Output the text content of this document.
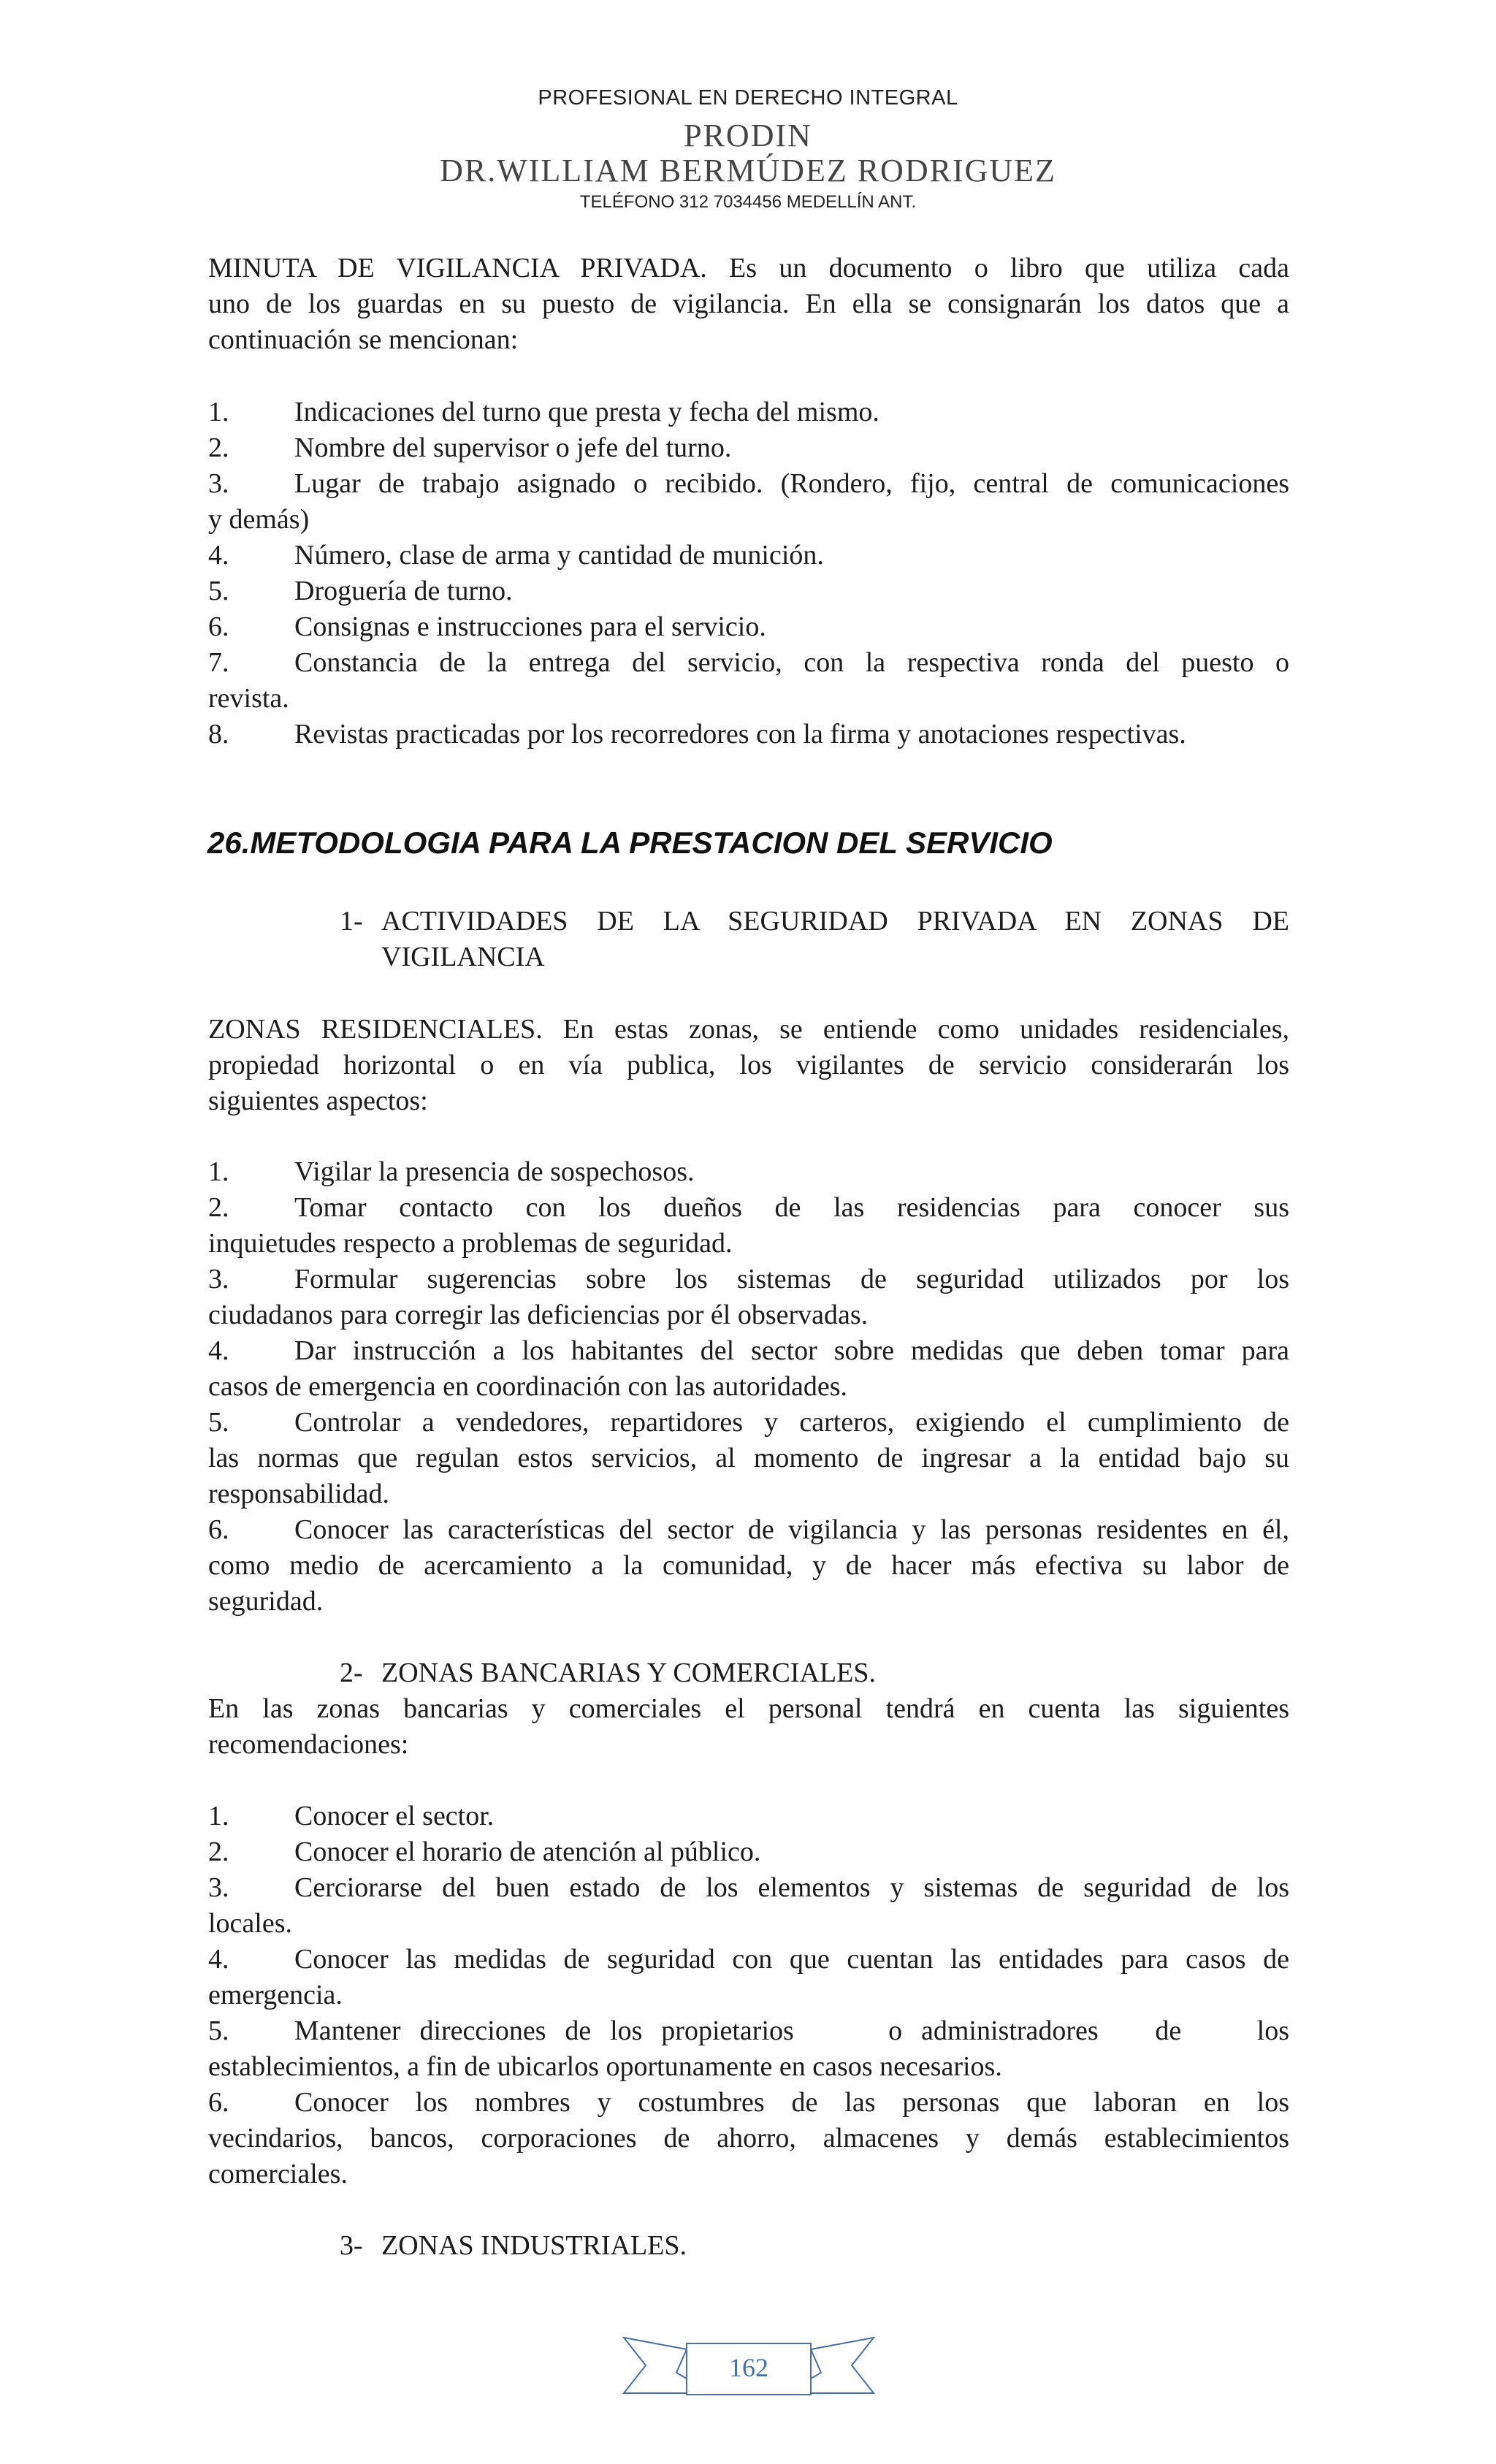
PROFESIONAL EN DERECHO INTEGRAL
PRODIN
DR.WILLIAM BERMÚDEZ RODRIGUEZ
TELÉFONO 312 7034456 MEDELLÍN ANT.
MINUTA DE VIGILANCIA PRIVADA. Es un documento o libro que utiliza cada
uno de los guardas en su puesto de vigilancia. En ella se consignarán los datos que a
continuación se mencionan:
1.	Indicaciones del turno que presta y fecha del mismo.
2.	Nombre del supervisor o jefe del turno.
3.	Lugar de trabajo asignado o recibido. (Rondero, fijo, central de comunicaciones
y demás)
4.	Número, clase de arma y cantidad de munición.
5.	Droguería de turno.
6.	Consignas e instrucciones para el servicio.
7.	Constancia de la entrega del servicio, con la respectiva ronda del puesto o
revista.
8.	Revistas practicadas por los recorredores con la firma y anotaciones respectivas.
26.METODOLOGIA PARA LA PRESTACION DEL SERVICIO
1- ACTIVIDADES DE LA SEGURIDAD PRIVADA EN ZONAS DE
VIGILANCIA
ZONAS RESIDENCIALES. En estas zonas, se entiende como unidades residenciales,
propiedad horizontal o en vía publica, los vigilantes de servicio considerarán los
siguientes aspectos:
1.	Vigilar la presencia de sospechosos.
2.	Tomar contacto con los dueños de las residencias para conocer sus
inquietudes respecto a problemas de seguridad.
3.	Formular sugerencias sobre los sistemas de seguridad utilizados por los
ciudadanos para corregir las deficiencias por él observadas.
4.	Dar instrucción a los habitantes del sector sobre medidas que deben tomar para
casos de emergencia en coordinación con las autoridades.
5.	Controlar a vendedores, repartidores y carteros, exigiendo el cumplimiento de
las normas que regulan estos servicios, al momento de ingresar a la entidad bajo su
responsabilidad.
6.	Conocer las características del sector de vigilancia y las personas residentes en él,
como medio de acercamiento a la comunidad, y de hacer más efectiva su labor de
seguridad.
2- ZONAS BANCARIAS Y COMERCIALES.
En las zonas bancarias y comerciales el personal tendrá en cuenta las siguientes
recomendaciones:
1.	Conocer el sector.
2.	Conocer el horario de atención al público.
3.	Cerciorarse del buen estado de los elementos y sistemas de seguridad de los
locales.
4.	Conocer las medidas de seguridad con que cuentan las entidades para casos de
emergencia.
5.	Mantener direcciones de los propietarios     o administradores   de    los
establecimientos, a fin de ubicarlos oportunamente en casos necesarios.
6.	Conocer los nombres y costumbres de las personas que laboran en los
vecindarios, bancos, corporaciones de ahorro, almacenes y demás establecimientos
comerciales.
3- ZONAS INDUSTRIALES.
162
